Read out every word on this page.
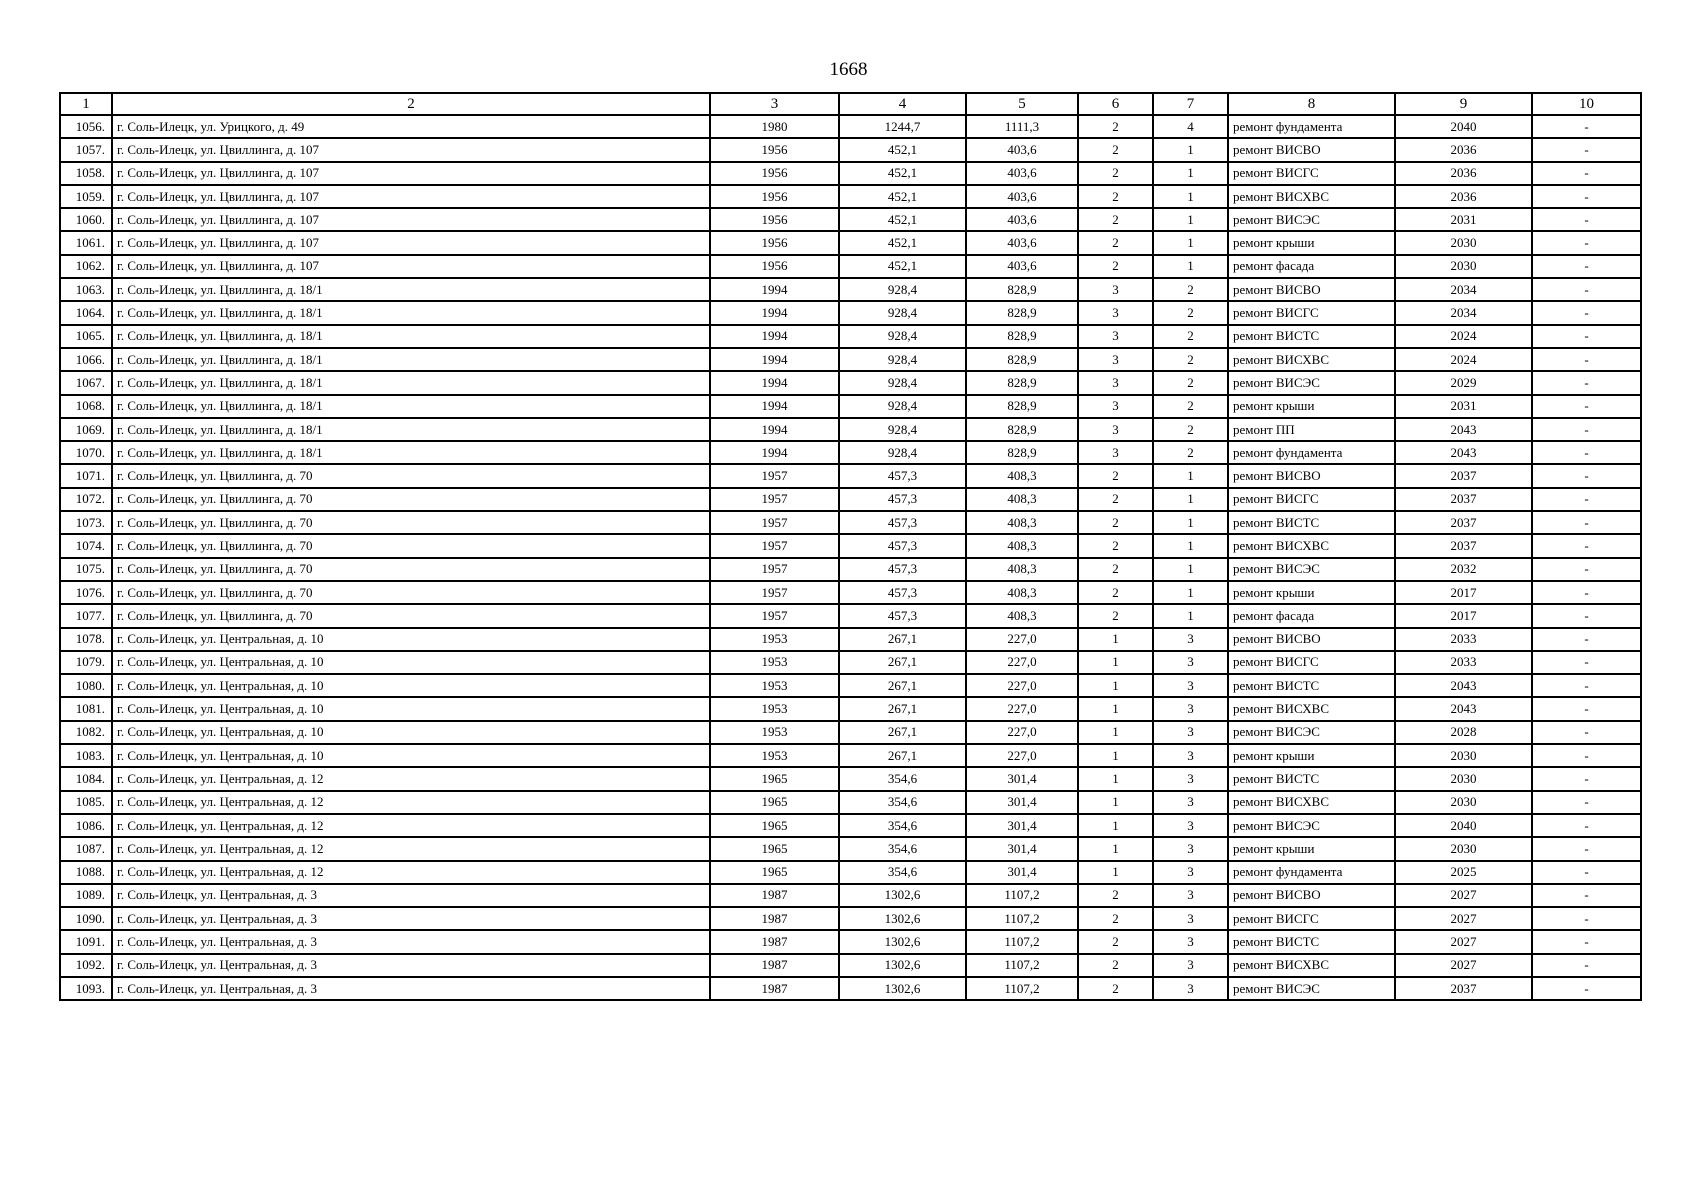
1668
1	2	3	4	5	6	7	8	9	10
1056.	г. Соль-Илецк, ул. Урицкого, д. 49	1980	1244,7	1111,3	2	4	ремонт фундамента	2040	-
1057.	г. Соль-Илецк, ул. Цвиллинга, д. 107	1956	452,1	403,6	2	1	ремонт ВИСВО	2036	-
1058.	г. Соль-Илецк, ул. Цвиллинга, д. 107	1956	452,1	403,6	2	1	ремонт ВИСГС	2036	-
1059.	г. Соль-Илецк, ул. Цвиллинга, д. 107	1956	452,1	403,6	2	1	ремонт ВИСХВС	2036	-
1060.	г. Соль-Илецк, ул. Цвиллинга, д. 107	1956	452,1	403,6	2	1	ремонт ВИСЭС	2031	-
1061.	г. Соль-Илецк, ул. Цвиллинга, д. 107	1956	452,1	403,6	2	1	ремонт крыши	2030	-
1062.	г. Соль-Илецк, ул. Цвиллинга, д. 107	1956	452,1	403,6	2	1	ремонт фасада	2030	-
1063.	г. Соль-Илецк, ул. Цвиллинга, д. 18/1	1994	928,4	828,9	3	2	ремонт ВИСВО	2034	-
1064.	г. Соль-Илецк, ул. Цвиллинга, д. 18/1	1994	928,4	828,9	3	2	ремонт ВИСГС	2034	-
1065.	г. Соль-Илецк, ул. Цвиллинга, д. 18/1	1994	928,4	828,9	3	2	ремонт ВИСТС	2024	-
1066.	г. Соль-Илецк, ул. Цвиллинга, д. 18/1	1994	928,4	828,9	3	2	ремонт ВИСХВС	2024	-
1067.	г. Соль-Илецк, ул. Цвиллинга, д. 18/1	1994	928,4	828,9	3	2	ремонт ВИСЭС	2029	-
1068.	г. Соль-Илецк, ул. Цвиллинга, д. 18/1	1994	928,4	828,9	3	2	ремонт крыши	2031	-
1069.	г. Соль-Илецк, ул. Цвиллинга, д. 18/1	1994	928,4	828,9	3	2	ремонт ПП	2043	-
1070.	г. Соль-Илецк, ул. Цвиллинга, д. 18/1	1994	928,4	828,9	3	2	ремонт фундамента	2043	-
1071.	г. Соль-Илецк, ул. Цвиллинга, д. 70	1957	457,3	408,3	2	1	ремонт ВИСВО	2037	-
1072.	г. Соль-Илецк, ул. Цвиллинга, д. 70	1957	457,3	408,3	2	1	ремонт ВИСГС	2037	-
1073.	г. Соль-Илецк, ул. Цвиллинга, д. 70	1957	457,3	408,3	2	1	ремонт ВИСТС	2037	-
1074.	г. Соль-Илецк, ул. Цвиллинга, д. 70	1957	457,3	408,3	2	1	ремонт ВИСХВС	2037	-
1075.	г. Соль-Илецк, ул. Цвиллинга, д. 70	1957	457,3	408,3	2	1	ремонт ВИСЭС	2032	-
1076.	г. Соль-Илецк, ул. Цвиллинга, д. 70	1957	457,3	408,3	2	1	ремонт крыши	2017	-
1077.	г. Соль-Илецк, ул. Цвиллинга, д. 70	1957	457,3	408,3	2	1	ремонт фасада	2017	-
1078.	г. Соль-Илецк, ул. Центральная, д. 10	1953	267,1	227,0	1	3	ремонт ВИСВО	2033	-
1079.	г. Соль-Илецк, ул. Центральная, д. 10	1953	267,1	227,0	1	3	ремонт ВИСГС	2033	-
1080.	г. Соль-Илецк, ул. Центральная, д. 10	1953	267,1	227,0	1	3	ремонт ВИСТС	2043	-
1081.	г. Соль-Илецк, ул. Центральная, д. 10	1953	267,1	227,0	1	3	ремонт ВИСХВС	2043	-
1082.	г. Соль-Илецк, ул. Центральная, д. 10	1953	267,1	227,0	1	3	ремонт ВИСЭС	2028	-
1083.	г. Соль-Илецк, ул. Центральная, д. 10	1953	267,1	227,0	1	3	ремонт крыши	2030	-
1084.	г. Соль-Илецк, ул. Центральная, д. 12	1965	354,6	301,4	1	3	ремонт ВИСТС	2030	-
1085.	г. Соль-Илецк, ул. Центральная, д. 12	1965	354,6	301,4	1	3	ремонт ВИСХВС	2030	-
1086.	г. Соль-Илецк, ул. Центральная, д. 12	1965	354,6	301,4	1	3	ремонт ВИСЭС	2040	-
1087.	г. Соль-Илецк, ул. Центральная, д. 12	1965	354,6	301,4	1	3	ремонт крыши	2030	-
1088.	г. Соль-Илецк, ул. Центральная, д. 12	1965	354,6	301,4	1	3	ремонт фундамента	2025	-
1089.	г. Соль-Илецк, ул. Центральная, д. 3	1987	1302,6	1107,2	2	3	ремонт ВИСВО	2027	-
1090.	г. Соль-Илецк, ул. Центральная, д. 3	1987	1302,6	1107,2	2	3	ремонт ВИСГС	2027	-
1091.	г. Соль-Илецк, ул. Центральная, д. 3	1987	1302,6	1107,2	2	3	ремонт ВИСТС	2027	-
1092.	г. Соль-Илецк, ул. Центральная, д. 3	1987	1302,6	1107,2	2	3	ремонт ВИСХВС	2027	-
1093.	г. Соль-Илецк, ул. Центральная, д. 3	1987	1302,6	1107,2	2	3	ремонт ВИСЭС	2037	-
